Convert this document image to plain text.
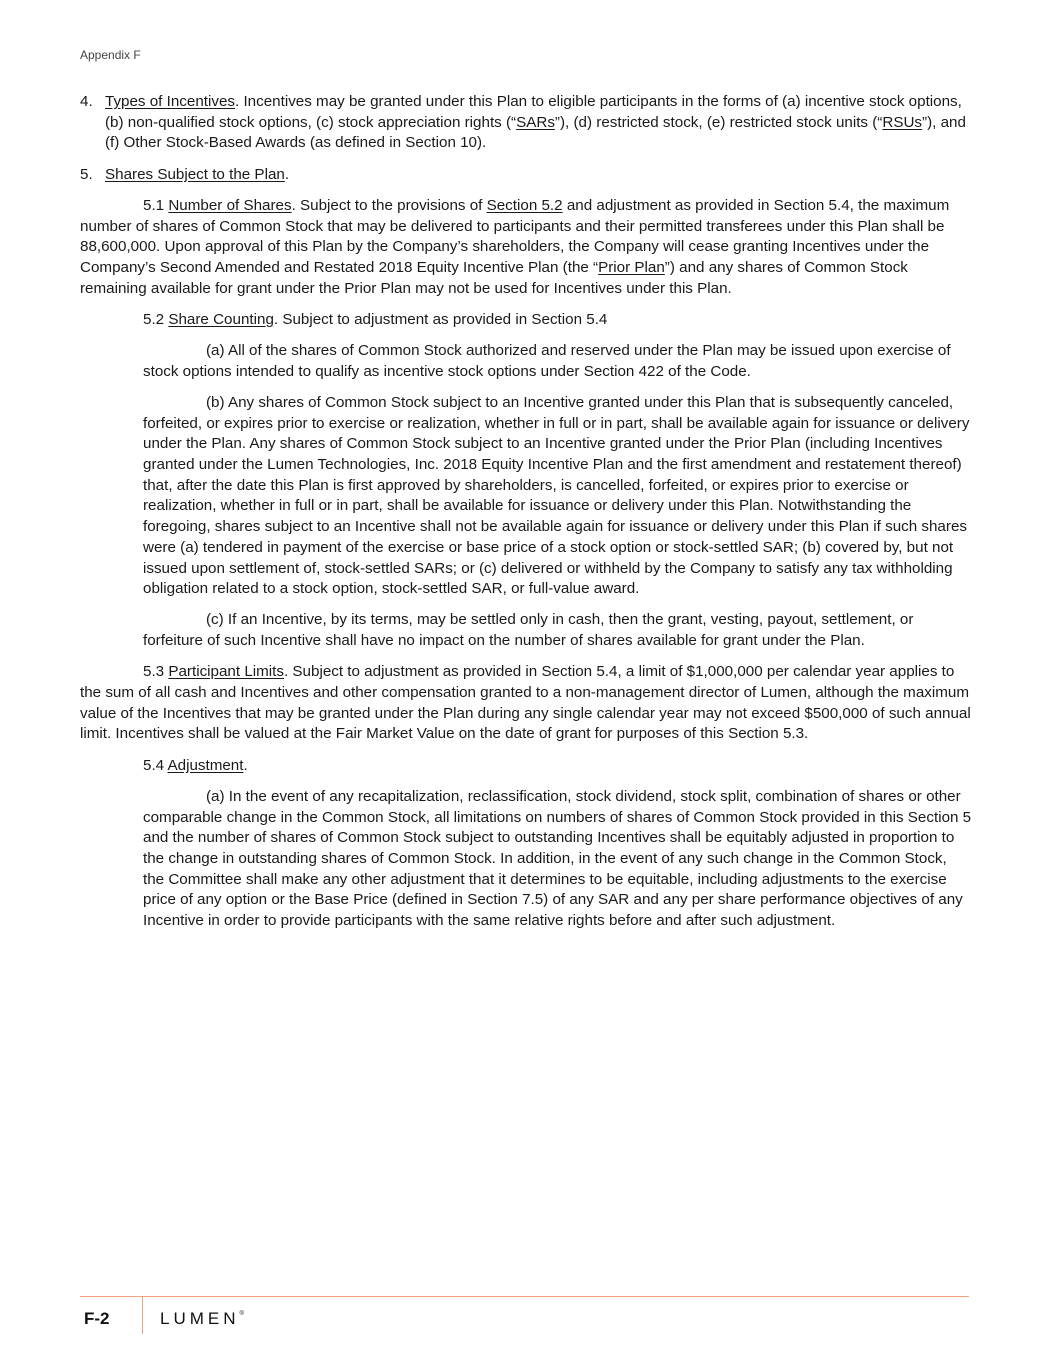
Appendix F
4. Types of Incentives. Incentives may be granted under this Plan to eligible participants in the forms of (a) incentive stock options, (b) non-qualified stock options, (c) stock appreciation rights (“SARs”), (d) restricted stock, (e) restricted stock units (“RSUs”), and (f) Other Stock-Based Awards (as defined in Section 10).
5. Shares Subject to the Plan.

5.1 Number of Shares. Subject to the provisions of Section 5.2 and adjustment as provided in Section 5.4, the maximum number of shares of Common Stock that may be delivered to participants and their permitted transferees under this Plan shall be 88,600,000. Upon approval of this Plan by the Company’s shareholders, the Company will cease granting Incentives under the Company’s Second Amended and Restated 2018 Equity Incentive Plan (the “Prior Plan”) and any shares of Common Stock remaining available for grant under the Prior Plan may not be used for Incentives under this Plan.

5.2 Share Counting. Subject to adjustment as provided in Section 5.4

(a) All of the shares of Common Stock authorized and reserved under the Plan may be issued upon exercise of stock options intended to qualify as incentive stock options under Section 422 of the Code.

(b) Any shares of Common Stock subject to an Incentive granted under this Plan that is subsequently canceled, forfeited, or expires prior to exercise or realization, whether in full or in part, shall be available again for issuance or delivery under the Plan. Any shares of Common Stock subject to an Incentive granted under the Prior Plan (including Incentives granted under the Lumen Technologies, Inc. 2018 Equity Incentive Plan and the first amendment and restatement thereof) that, after the date this Plan is first approved by shareholders, is cancelled, forfeited, or expires prior to exercise or realization, whether in full or in part, shall be available for issuance or delivery under this Plan. Notwithstanding the foregoing, shares subject to an Incentive shall not be available again for issuance or delivery under this Plan if such shares were (a) tendered in payment of the exercise or base price of a stock option or stock-settled SAR; (b) covered by, but not issued upon settlement of, stock-settled SARs; or (c) delivered or withheld by the Company to satisfy any tax withholding obligation related to a stock option, stock-settled SAR, or full-value award.

(c) If an Incentive, by its terms, may be settled only in cash, then the grant, vesting, payout, settlement, or forfeiture of such Incentive shall have no impact on the number of shares available for grant under the Plan.

5.3 Participant Limits. Subject to adjustment as provided in Section 5.4, a limit of $1,000,000 per calendar year applies to the sum of all cash and Incentives and other compensation granted to a non-management director of Lumen, although the maximum value of the Incentives that may be granted under the Plan during any single calendar year may not exceed $500,000 of such annual limit. Incentives shall be valued at the Fair Market Value on the date of grant for purposes of this Section 5.3.

5.4 Adjustment.

(a) In the event of any recapitalization, reclassification, stock dividend, stock split, combination of shares or other comparable change in the Common Stock, all limitations on numbers of shares of Common Stock provided in this Section 5 and the number of shares of Common Stock subject to outstanding Incentives shall be equitably adjusted in proportion to the change in outstanding shares of Common Stock. In addition, in the event of any such change in the Common Stock, the Committee shall make any other adjustment that it determines to be equitable, including adjustments to the exercise price of any option or the Base Price (defined in Section 7.5) of any SAR and any per share performance objectives of any Incentive in order to provide participants with the same relative rights before and after such adjustment.

F-2	LUMEN®
